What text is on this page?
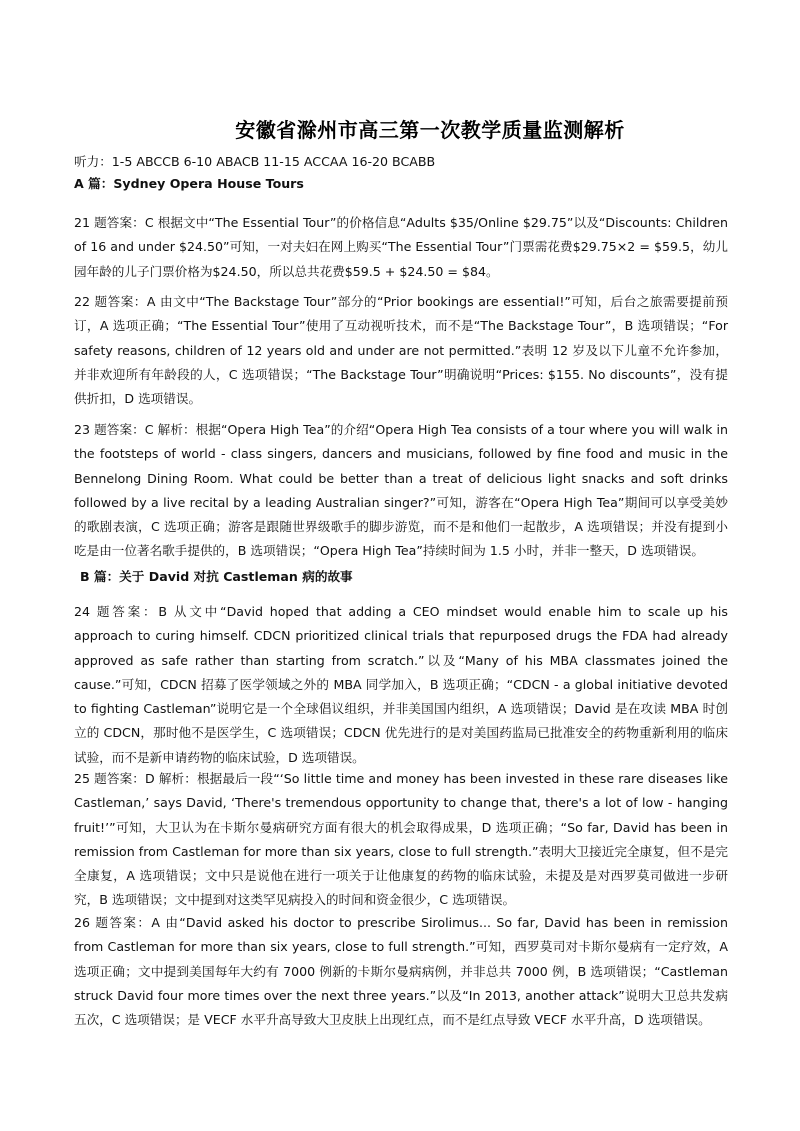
安徽省滁州市高三第一次教学质量监测解析
听力：1-5 ABCCB 6-10 ABACB 11-15 ACCAA 16-20 BCABB
A 篇：Sydney Opera House Tours
21 题答案：C 根据文中“The Essential Tour”的价格信息“Adults $35/Online $29.75”以及“Discounts: Children of 16 and under $24.50”可知，一对夫妇在网上购买“The Essential Tour”门票需花费$29.75×2 = $59.5，幼儿园年龄的儿子门票价格为$24.50，所以总共花费$59.5 + $24.50 = $84。
22 题答案：A 由文中“The Backstage Tour”部分的“Prior bookings are essential!”可知，后台之旅需要提前预订，A 选项正确；“The Essential Tour”使用了互动视听技术，而不是“The Backstage Tour”，B 选项错误；“For safety reasons, children of 12 years old and under are not permitted.”表明 12 岁及以下儿童不允许参加，并非欢迎所有年龄段的人，C 选项错误；“The Backstage Tour”明确说明“Prices: $155. No discounts”，没有提供折扣，D 选项错误。
23 题答案：C 解析：根据“Opera High Tea”的介绍“Opera High Tea consists of a tour where you will walk in the footsteps of world - class singers, dancers and musicians, followed by fine food and music in the Bennelong Dining Room. What could be better than a treat of delicious light snacks and soft drinks followed by a live recital by a leading Australian singer?”可知，游客在“Opera High Tea”期间可以享受美妙的歌剧表演，C 选项正确；游客是跟随世界级歌手的脚步游览，而不是和他们一起散步，A 选项错误；并没有提到小吃是由一位著名歌手提供的，B 选项错误；“Opera High Tea”持续时间为 1.5 小时，并非一整天，D 选项错误。
B 篇：关于 David 对抗 Castleman 病的故事
24 题答案：B 从文中“David hoped that adding a CEO mindset would enable him to scale up his approach to curing himself. CDCN prioritized clinical trials that repurposed drugs the FDA had already approved as safe rather than starting from scratch.”以及“Many of his MBA classmates joined the cause.”可知，CDCN 招募了医学领域之外的 MBA 同学加入，B 选项正确；“CDCN - a global initiative devoted to fighting Castleman”说明它是一个全球倡议组织，并非美国国内组织，A 选项错误；David 是在攻读 MBA 时创立的 CDCN，那时他不是医学生，C 选项错误；CDCN 优先进行的是对美国药监局已批准安全的药物重新利用的临床试验，而不是新申请药物的临床试验，D 选项错误。
25 题答案：D 解析：根据最后一段“‘So little time and money has been invested in these rare diseases like Castleman,’ says David, ‘There's tremendous opportunity to change that, there's a lot of low - hanging fruit!’”可知，大卫认为在卡斯尔曼病研究方面有很大的机会取得成果，D 选项正确；“So far, David has been in remission from Castleman for more than six years, close to full strength.”表明大卫接近完全康复，但不是完全康复，A 选项错误；文中只是说他在进行一项关于让他康复的药物的临床试验，未提及是对西罗莫司做进一步研究，B 选项错误；文中提到对这类罕见病投入的时间和资金很少，C 选项错误。
26 题答案：A 由“David asked his doctor to prescribe Sirolimus... So far, David has been in remission from Castleman for more than six years, close to full strength.”可知，西罗莫司对卡斯尔曼病有一定疗效，A 选项正确；文中提到美国每年大约有 7000 例新的卡斯尔曼病病例，并非总共 7000 例，B 选项错误；“Castleman struck David four more times over the next three years.”以及“In 2013, another attack”说明大卫总共发病五次，C 选项错误；是 VECF 水平升高导致大卫皮肤上出现红点，而不是红点导致 VECF 水平升高，D 选项错误。
